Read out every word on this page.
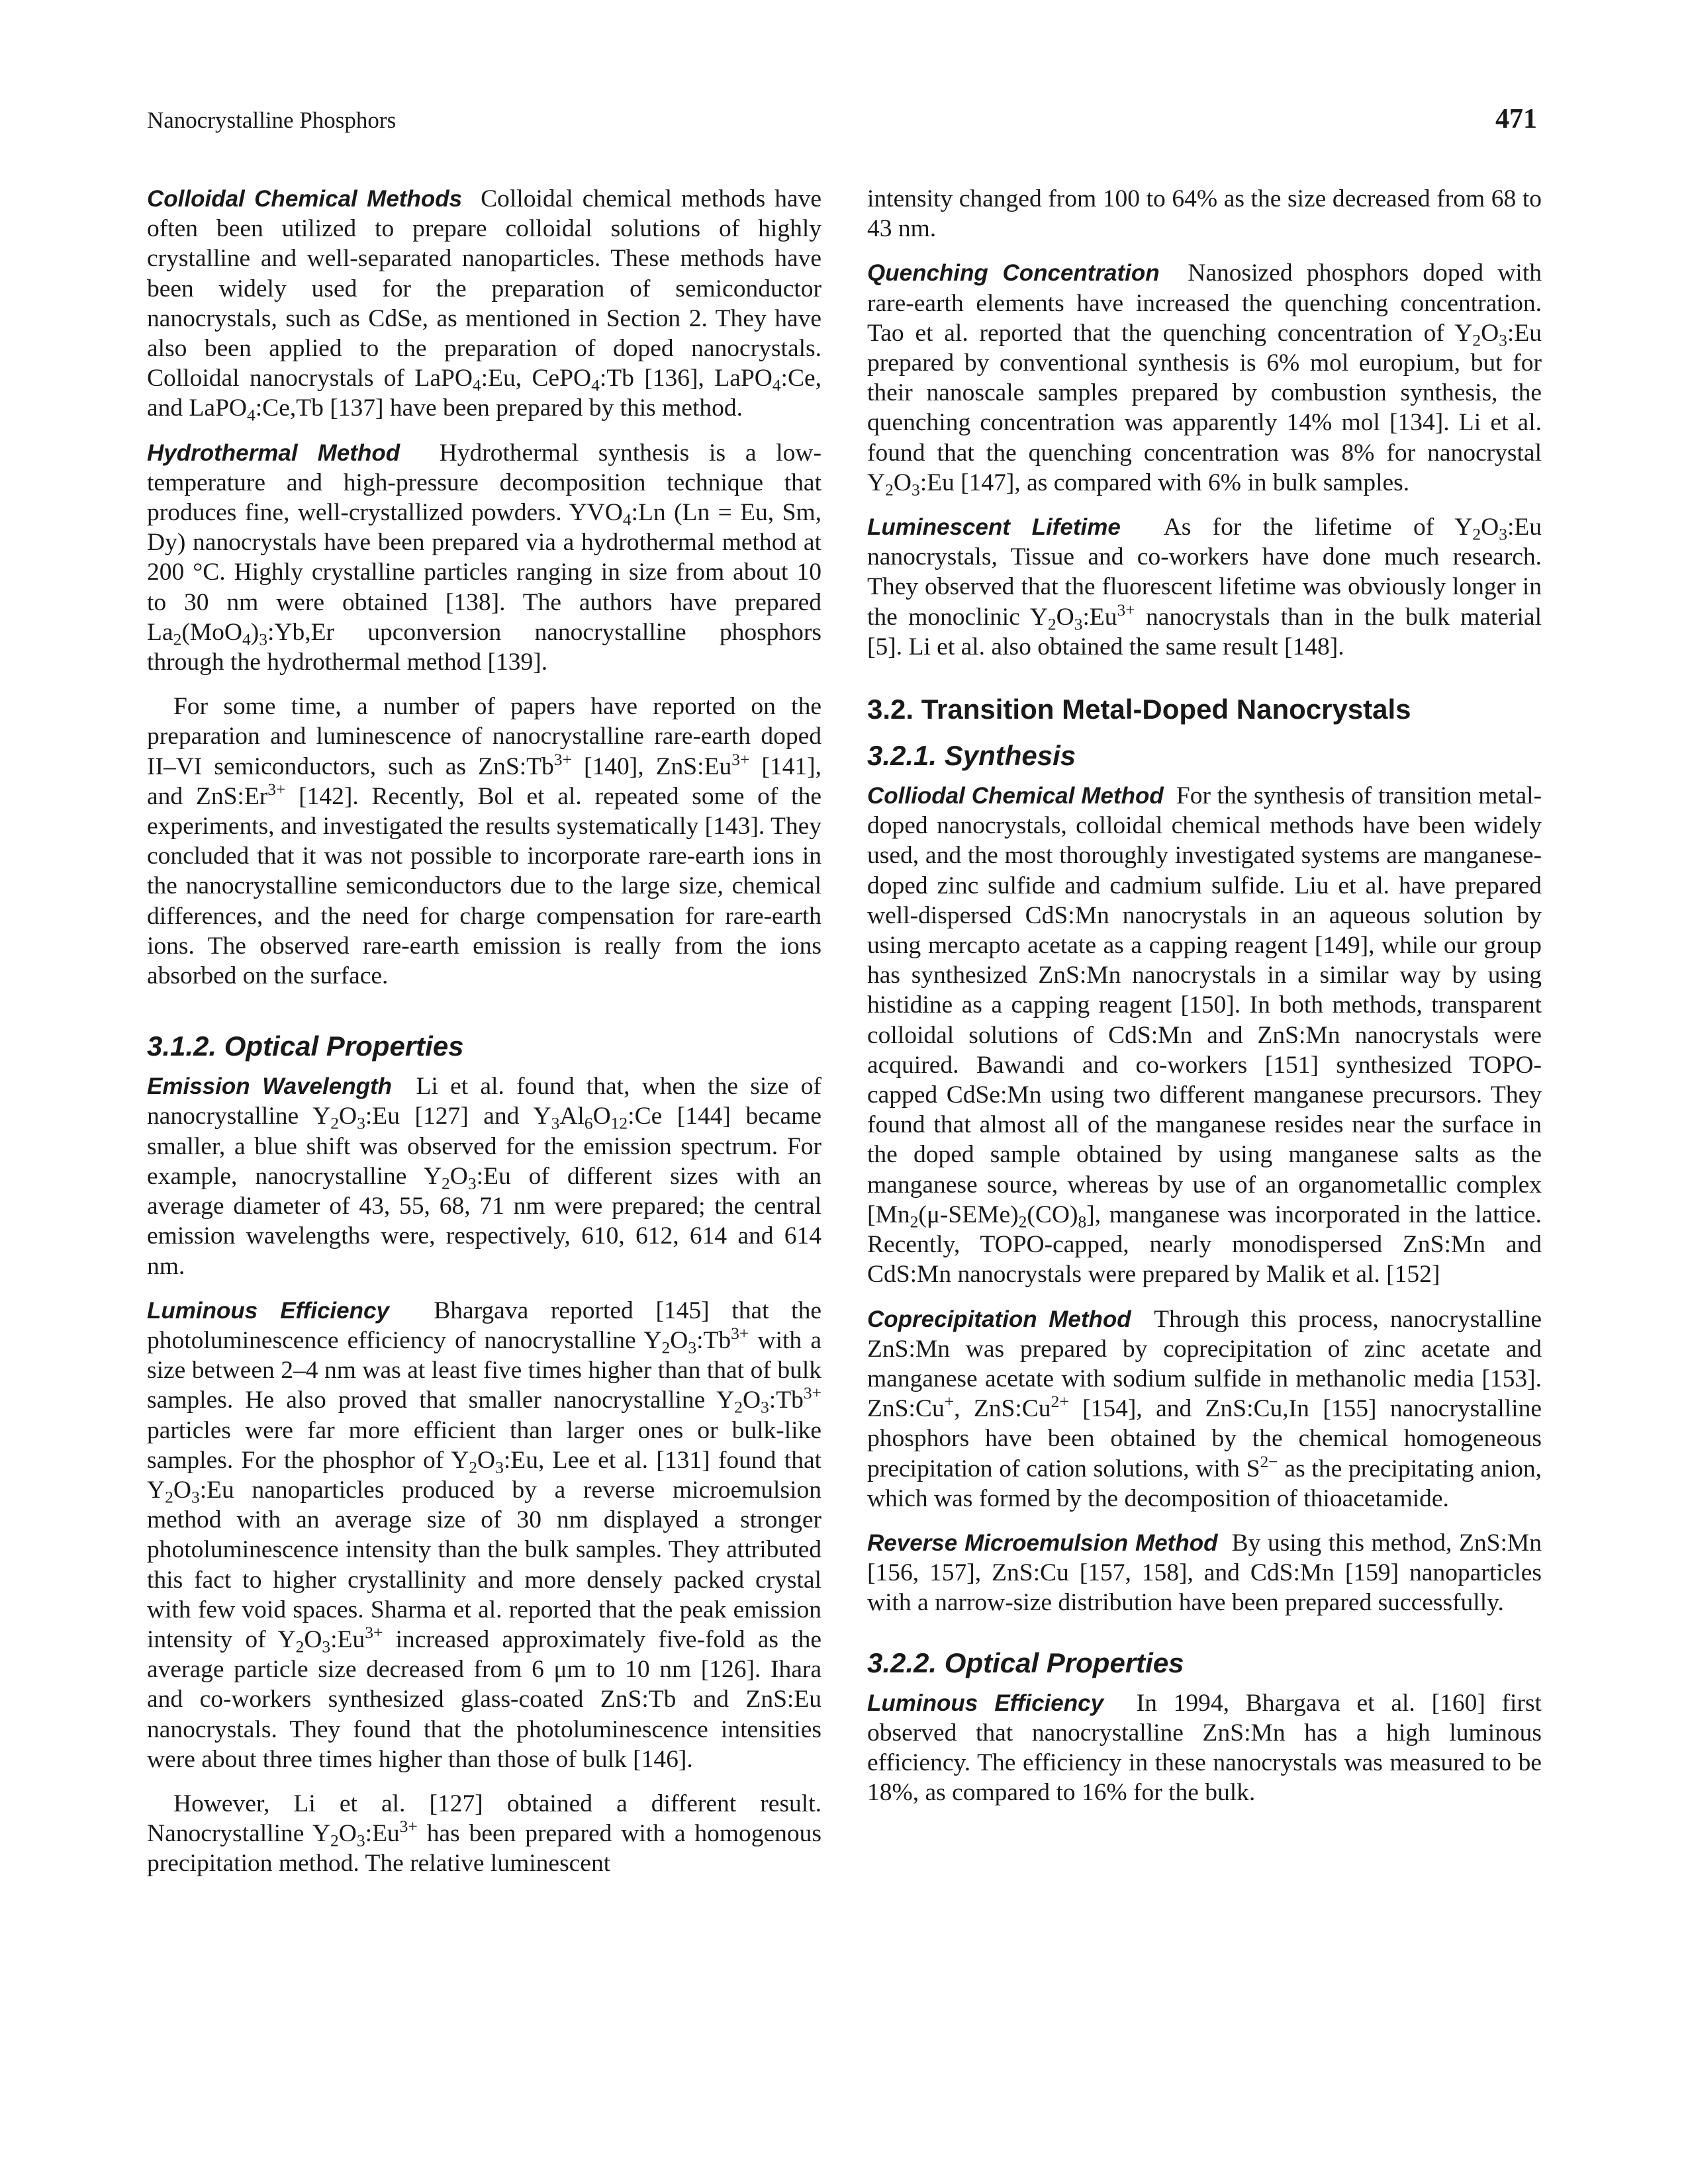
Nanocrystalline Phosphors	471

Colloidal Chemical Methods Colloidal chemical methods have often been utilized to prepare colloidal solutions of highly crystalline and well-separated nanoparticles. These methods have been widely used for the preparation of semiconductor nanocrystals, such as CdSe, as mentioned in Section 2. They have also been applied to the preparation of doped nanocrystals. Colloidal nanocrystals of LaPO$_4$:Eu, CePO$_4$:Tb [136], LaPO$_4$:Ce, and LaPO$_4$:Ce,Tb [137] have been prepared by this method.

Hydrothermal Method Hydrothermal synthesis is a low-temperature and high-pressure decomposition technique that produces fine, well-crystallized powders. $YVO_4:Ln$ (Ln = Eu, Sm, Dy) nanocrystals have been prepared via a hydrothermal method at 200 °C. Highly crystalline particles ranging in size from about 10 to 30 nm were obtained [138]. The authors have prepared $La_2(MoO_4)_3:Yb,Er$ upconversion nanocrystalline phosphors through the hydrothermal method [139].

For some time, a number of papers have reported on the preparation and luminescence of nanocrystalline rare-earth doped II–VI semiconductors, such as $ZnS:Tb^{3+}$ [140], $ZnS:Eu^{3+}$ [141], and $ZnS:Er^{3+}$ [142]. Recently, Bol et al. repeated some of the experiments, and investigated the results systematically [143]. They concluded that it was not possible to incorporate rare-earth ions in the nanocrystalline semiconductors due to the large size, chemical differences, and the need for charge compensation for rare-earth ions. The observed rare-earth emission is really from the ions absorbed on the surface.

3.1.2. Optical Properties

Emission Wavelength Li et al. found that, when the size of nanocrystalline $Y_2O_3:Eu$ [127] and $Y_3Al_6O_{12}:Ce$ [144] became smaller, a blue shift was observed for the emission spectrum. For example, nanocrystalline $Y_2O_3:Eu$ of different sizes with an average diameter of 43, 55, 68, 71 nm were prepared; the central emission wavelengths were, respectively, 610, 612, 614 and 614 nm.

Luminous Efficiency Bhargava reported [145] that the photoluminescence efficiency of nanocrystalline $Y_2O_3:Tb^{3+}$ with a size between 2–4 nm was at least five times higher than that of bulk samples. He also proved that smaller nanocrystalline $Y_2O_3:Tb^{3+}$ particles were far more efficient than larger ones or bulk-like samples. For the phosphor of $Y_2O_3:Eu$, Lee et al. [131] found that $Y_2O_3:Eu$ nanoparticles produced by a reverse microemulsion method with an average size of 30 nm displayed a stronger photoluminescence intensity than the bulk samples. They attributed this fact to higher crystallinity and more densely packed crystal with few void spaces. Sharma et al. reported that the peak emission intensity of $Y_2O_3:Eu^{3+}$ increased approximately five-fold as the average particle size decreased from 6 μm to 10 nm [126]. Ihara and co-workers synthesized glass-coated ZnS:Tb and ZnS:Eu nanocrystals. They found that the photoluminescence intensities were about three times higher than those of bulk [146].

However, Li et al. [127] obtained a different result. Nanocrystalline $Y_2O_3:Eu^{3+}$ has been prepared with a homogenous precipitation method. The relative luminescent

intensity changed from 100 to 64% as the size decreased from 68 to 43 nm.

Quenching Concentration Nanosized phosphors doped with rare-earth elements have increased the quenching concentration. Tao et al. reported that the quenching concentration of $Y_2O_3:Eu$ prepared by conventional synthesis is 6% mol europium, but for their nanoscale samples prepared by combustion synthesis, the quenching concentration was apparently 14% mol [134]. Li et al. found that the quenching concentration was 8% for nanocrystal $Y_2O_3:Eu$ [147], as compared with 6% in bulk samples.

Luminescent Lifetime As for the lifetime of $Y_2O_3:Eu$ nanocrystals, Tissue and co-workers have done much research. They observed that the fluorescent lifetime was obviously longer in the monoclinic $Y_2O_3:Eu^{3+}$ nanocrystals than in the bulk material [5]. Li et al. also obtained the same result [148].

3.2. Transition Metal-Doped Nanocrystals
3.2.1. Synthesis

Colliodal Chemical Method For the synthesis of transition metal-doped nanocrystals, colloidal chemical methods have been widely used, and the most thoroughly investigated systems are manganese-doped zinc sulfide and cadmium sulfide. Liu et al. have prepared well-dispersed CdS:Mn nanocrystals in an aqueous solution by using mercapto acetate as a capping reagent [149], while our group has synthesized ZnS:Mn nanocrystals in a similar way by using histidine as a capping reagent [150]. In both methods, transparent colloidal solutions of CdS:Mn and ZnS:Mn nanocrystals were acquired. Bawandi and co-workers [151] synthesized TOPO-capped CdSe:Mn using two different manganese precursors. They found that almost all of the manganese resides near the surface in the doped sample obtained by using manganese salts as the manganese source, whereas by use of an organometallic complex $[Mn_2(\mu-SEMe)_2(CO)_8]$, manganese was incorporated in the lattice. Recently, TOPO-capped, nearly monodispersed ZnS:Mn and CdS:Mn nanocrystals were prepared by Malik et al. [152]

Coprecipitation Method Through this process, nanocrystalline ZnS:Mn was prepared by coprecipitation of zinc acetate and manganese acetate with sodium sulfide in methanolic media [153]. ZnS:Cu+, $ZnS:Cu^{2+}$ [154], and ZnS:Cu,In [155] nanocrystalline phosphors have been obtained by the chemical homogeneous precipitation of cation solutions, with $S^{2-}$ as the precipitating anion, which was formed by the decomposition of thioacetamide.

Reverse Microemulsion Method By using this method, ZnS:Mn [156, 157], ZnS:Cu [157, 158], and CdS:Mn [159] nanoparticles with a narrow-size distribution have been prepared successfully.

3.2.2. Optical Properties

Luminous Efficiency In 1994, Bhargava et al. [160] first observed that nanocrystalline ZnS:Mn has a high luminous efficiency. The efficiency in these nanocrystals was measured to be 18%, as compared to 16% for the bulk.
